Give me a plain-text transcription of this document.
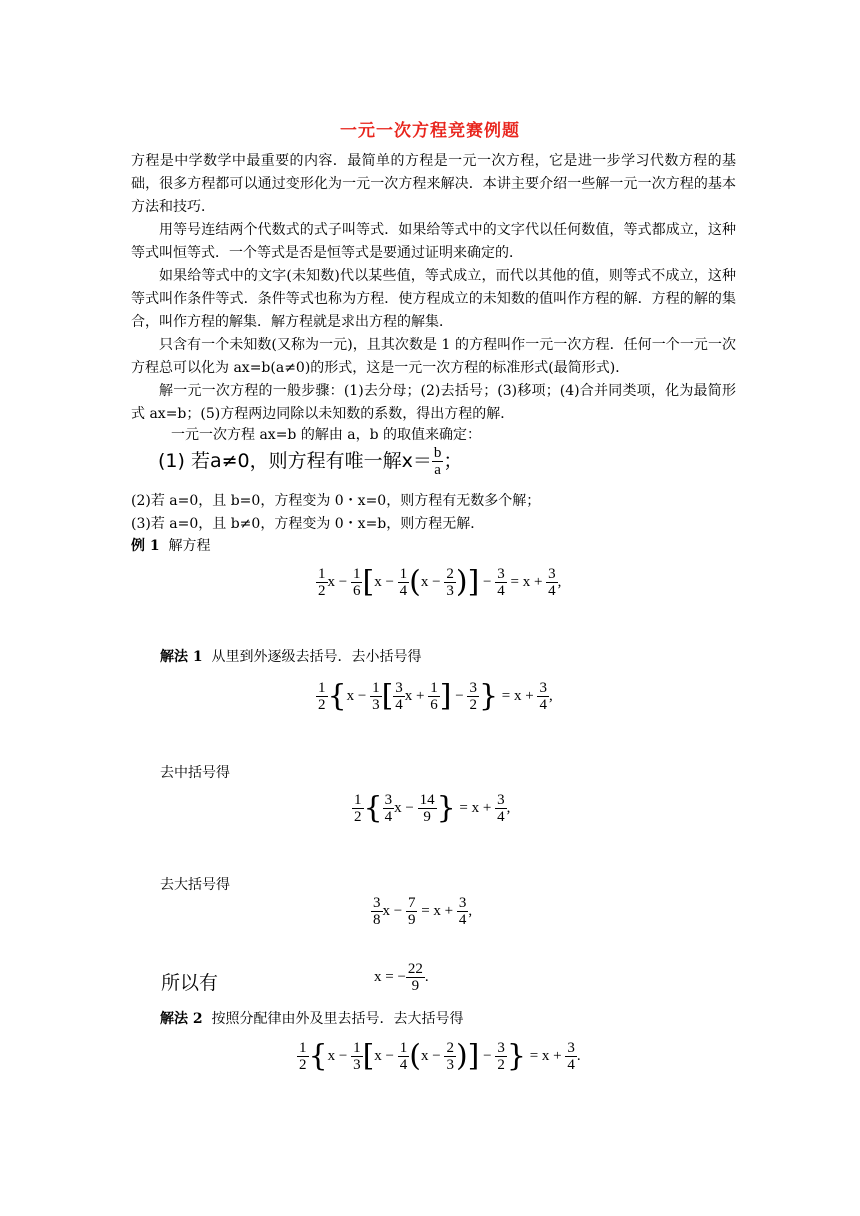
一元一次方程竞赛例题

方程是中学数学中最重要的内容．最简单的方程是一元一次方程，它是进一步学习代数方程的基础，很多方程都可以通过变形化为一元一次方程来解决．本讲主要介绍一些解一元一次方程的基本方法和技巧．

用等号连结两个代数式的式子叫等式．如果给等式中的文字代以任何数值，等式都成立，这种等式叫恒等式．一个等式是否是恒等式是要通过证明来确定的．

如果给等式中的文字(未知数)代以某些值，等式成立，而代以其他的值，则等式不成立，这种等式叫作条件等式．条件等式也称为方程．使方程成立的未知数的值叫作方程的解．方程的解的集合，叫作方程的解集．解方程就是求出方程的解集．

只含有一个未知数(又称为一元)，且其次数是 1 的方程叫作一元一次方程．任何一个一元一次方程总可以化为 ax=b(a≠0)的形式，这是一元一次方程的标准形式(最简形式)．

解一元一次方程的一般步骤：(1)去分母；(2)去括号；(3)移项；(4)合并同类项，化为最简形式 ax=b；(5)方程两边同除以未知数的系数，得出方程的解．

一元一次方程 ax=b 的解由 a，b 的取值来确定：
(1) 若a≠0，则方程有唯一解$x= \frac{b}{a}$ ；
(2)若 a=0，且 b=0，方程变为 0・x=0，则方程有无数多个解；
(3)若 a=0，且 b≠0，方程变为 0・x=b，则方程无解．
例 1 解方程
$\frac{1}{2}$ $x - \frac{1}{6} [x - \frac{1}{4} (x - \frac{2}{3}$ )] − $\frac{3}{4} = x + \frac{3}{4}$ ,
解法 1 从里到外逐级去括号．去小括号得
$\frac{1}{2} \{x - \frac{1}{3}$ [ $\frac{3}{4}$ $x + \frac{1}{6}$ ] − $\frac{3}{2}$ } = $x + \frac{3}{4}$ ,
去中括号得
$\frac{1}{2}$ { $\frac{3}{4}$ $x - \frac{14}{9}$ } = $x + \frac{3}{4}$ ,
去大括号得
$\frac{3}{8}$ $x - \frac{7}{9} = x + \frac{3}{4}$ ,
所以有	x = − $\frac{22}{9}$ .
解法 2 按照分配律由外及里去括号．去大括号得
$\frac{1}{2} \{x - \frac{1}{3} [x - \frac{1}{4} (x - \frac{2}{3}$ )] − $\frac{3}{2}$ } = $x + \frac{3}{4}$ .
